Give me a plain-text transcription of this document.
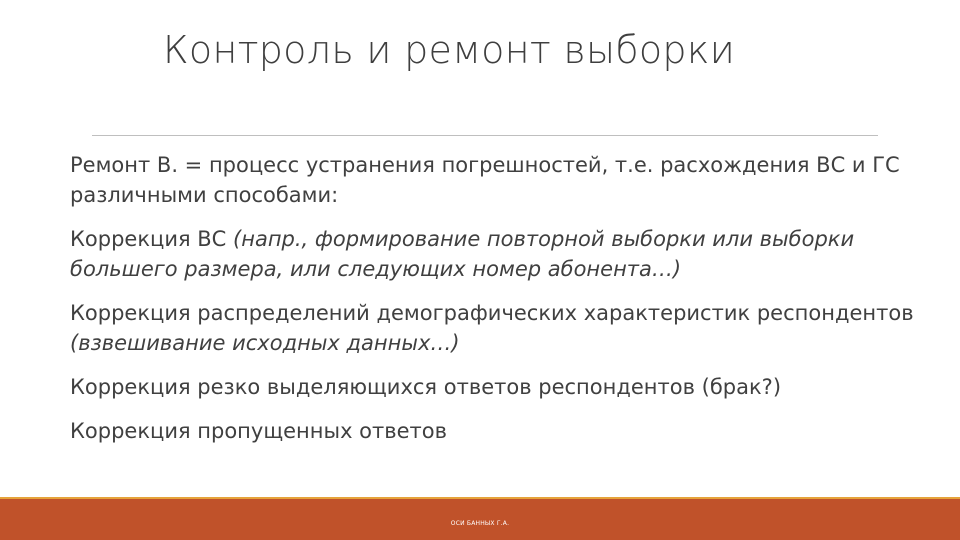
Контроль и ремонт выборки

Ремонт В. = процесс устранения погрешностей, т.е. расхождения ВС и ГС различными способами:

Коррекция ВС (напр., формирование повторной выборки или выборки большего размера, или следующих номер абонента…)

Коррекция распределений демографических характеристик респондентов (взвешивание исходных данных…)

Коррекция резко выделяющихся ответов респондентов (брак?)

Коррекция пропущенных ответов

ОСИ БАННЫХ Г.А.
